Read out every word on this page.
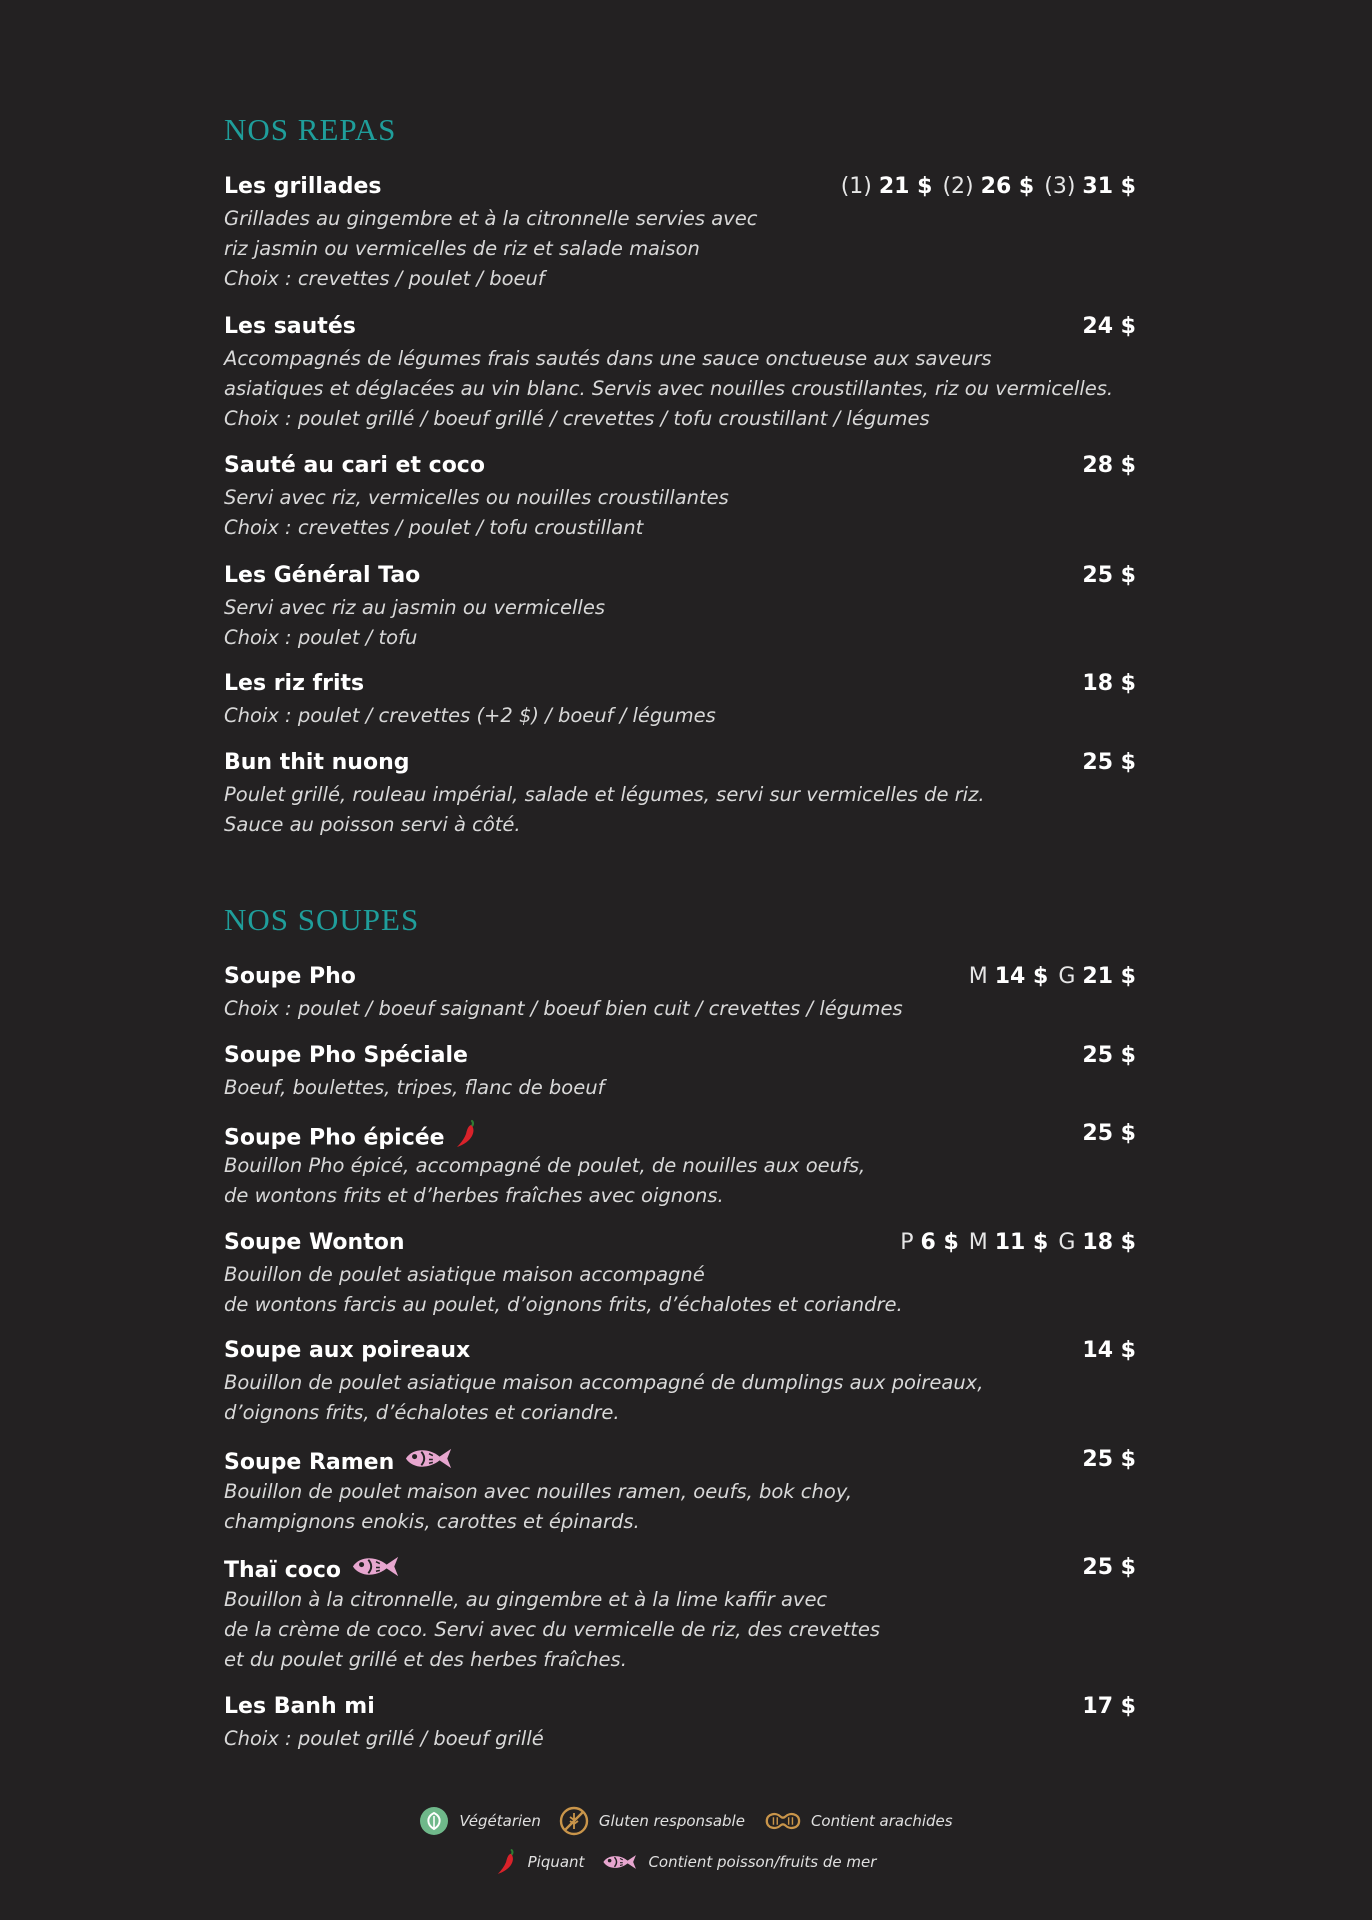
NOS REPAS
Les grillades	(1) 21 $ (2) 26 $ (3) 31 $

Grillades au gingembre et à la citronnelle servies avec

riz jasmin ou vermicelles de riz et salade maison

Choix : crevettes / poulet / boeuf

Les sautés	24 $

Accompagnés de légumes frais sautés dans une sauce onctueuse aux saveurs

asiatiques et déglacées au vin blanc. Servis avec nouilles croustillantes, riz ou vermicelles.

Choix : poulet grillé / boeuf grillé / crevettes / tofu croustillant / légumes

Sauté au cari et coco	28 $

Servi avec riz, vermicelles ou nouilles croustillantes

Choix : crevettes / poulet / tofu croustillant

Les Général Tao	25 $

Servi avec riz au jasmin ou vermicelles

Choix : poulet / tofu

Les riz frits	18 $

Choix : poulet / crevettes (+2 $) / boeuf / légumes

Bun thit nuong	25 $

Poulet grillé, rouleau impérial, salade et légumes, servi sur vermicelles de riz.

Sauce au poisson servi à côté.

NOS SOUPES
Soupe Pho	M 14 $ G 21 $

Choix : poulet / boeuf saignant / boeuf bien cuit / crevettes / légumes

Soupe Pho Spéciale	25 $

Boeuf, boulettes, tripes, flanc de boeuf

Soupe Pho épicée	25 $

Bouillon Pho épicé, accompagné de poulet, de nouilles aux oeufs,

de wontons frits et d’herbes fraîches avec oignons.

Soupe Wonton	P 6 $ M 11 $ G 18 $

Bouillon de poulet asiatique maison accompagné

de wontons farcis au poulet, d’oignons frits, d’échalotes et coriandre.

Soupe aux poireaux	14 $

Bouillon de poulet asiatique maison accompagné de dumplings aux poireaux,

d’oignons frits, d’échalotes et coriandre.

Soupe Ramen	25 $

Bouillon de poulet maison avec nouilles ramen, oeufs, bok choy,

champignons enokis, carottes et épinards.

Thaï coco	25 $

Bouillon à la citronnelle, au gingembre et à la lime kaffir avec

de la crème de coco. Servi avec du vermicelle de riz, des crevettes

et du poulet grillé et des herbes fraîches.

Les Banh mi	17 $

Choix : poulet grillé / boeuf grillé

Végétarien	Gluten responsable	Contient arachides
Piquant	Contient poisson/fruits de mer
